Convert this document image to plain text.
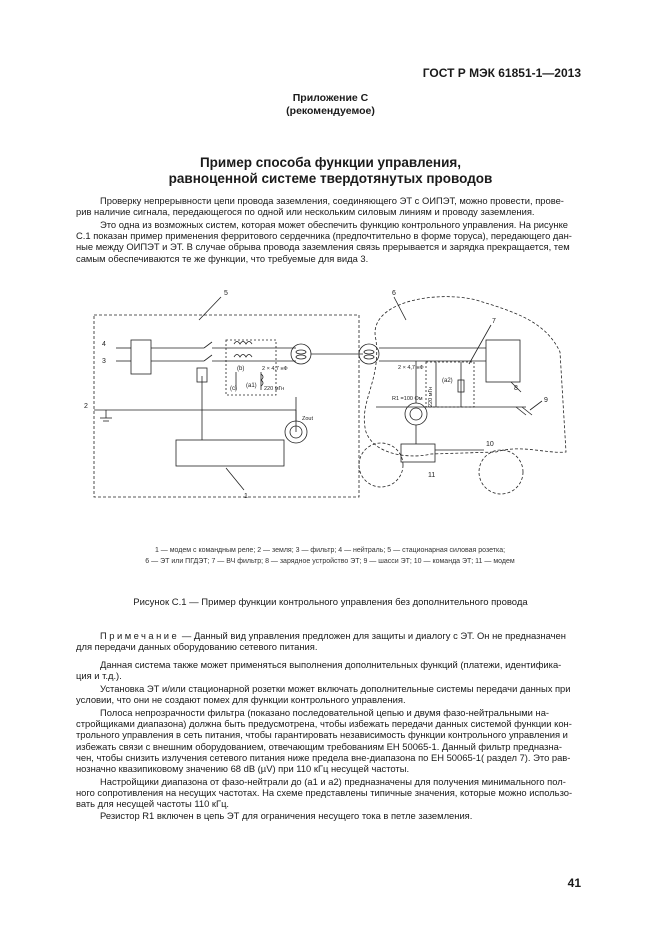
ГОСТ Р МЭК 61851-1—2013
Приложение С
(рекомендуемое)
Пример способа функции управления,
равноценной системе твердотянутых проводов

Проверку непрерывности цепи провода заземления, соединяющего ЭТ с ОИПЭТ, можно провести, прове-
рив наличие сигнала, передающегося по одной или нескольким силовым линиям и проводу заземления.

Это одна из возможных систем, которая может обеспечить функцию контрольного управления. На рисунке
С.1 показан пример применения ферритового сердечника (предпочтительно в форме торуса), передающего дан-
ные между ОИПЭТ и ЭТ. В случае обрыва провода заземления связь прерывается и зарядка прекращается, тем
самым обеспечиваются те же функции, что требуемые для вида 3.

5	6
7
8
9
10
11
1
2
3
4
(b)
(a1)
(c)
(a2)
2 × 4,7 нФ
220 мГн
2 × 4,7 нФ
220 мГн
R1 =100 Ом
Zout
1 — модем с командным реле; 2 — земля; 3 — фильтр; 4 — нейтраль; 5 — стационарная силовая розетка;
6 — ЭТ или ПГДЭТ; 7 — ВЧ фильтр; 8 — зарядное устройство ЭТ; 9 — шасси ЭТ; 10 — команда ЭТ; 11 — модем
Рисунок С.1 — Пример функции контрольного управления без дополнительного провода

Примечание — Данный вид управления предложен для защиты и диалогу с ЭТ. Он не предназначен
для передачи данных оборудованию сетевого питания.

Данная система также может применяться выполнения дополнительных функций (платежи, идентифика-
ция и т.д.).

Установка ЭТ и/или стационарной розетки может включать дополнительные системы передачи данных при
условии, что они не создают помех для функции контрольного управления.

Полоса непрозрачности фильтра (показано последовательной цепью и двумя фазо-нейтральными на-
стройщиками диапазона) должна быть предусмотрена, чтобы избежать передачи данных системой функции кон-
трольного управления в сеть питания, чтобы гарантировать независимость функции контрольного управления и
избежать связи с внешним оборудованием, отвечающим требованиям ЕН 50065-1. Данный фильтр предназна-
чен, чтобы снизить излучения сетевого питания ниже предела вне-диапазона по ЕН 50065-1( раздел 7). Это рав-
нозначно квазипиковому значению 68 dB (µV) при 110 кГц несущей частоты.

Настройщики диапазона от фазо-нейтрали до (a1 и a2) предназначены для получения минимального пол-
ного сопротивления на несущих частотах. На схеме представлены типичные значения, которые можно использо-
вать для несущей частоты 110 кГц.

Резистор R1 включен в цепь ЭТ для ограничения несущего тока в петле заземления.

41
